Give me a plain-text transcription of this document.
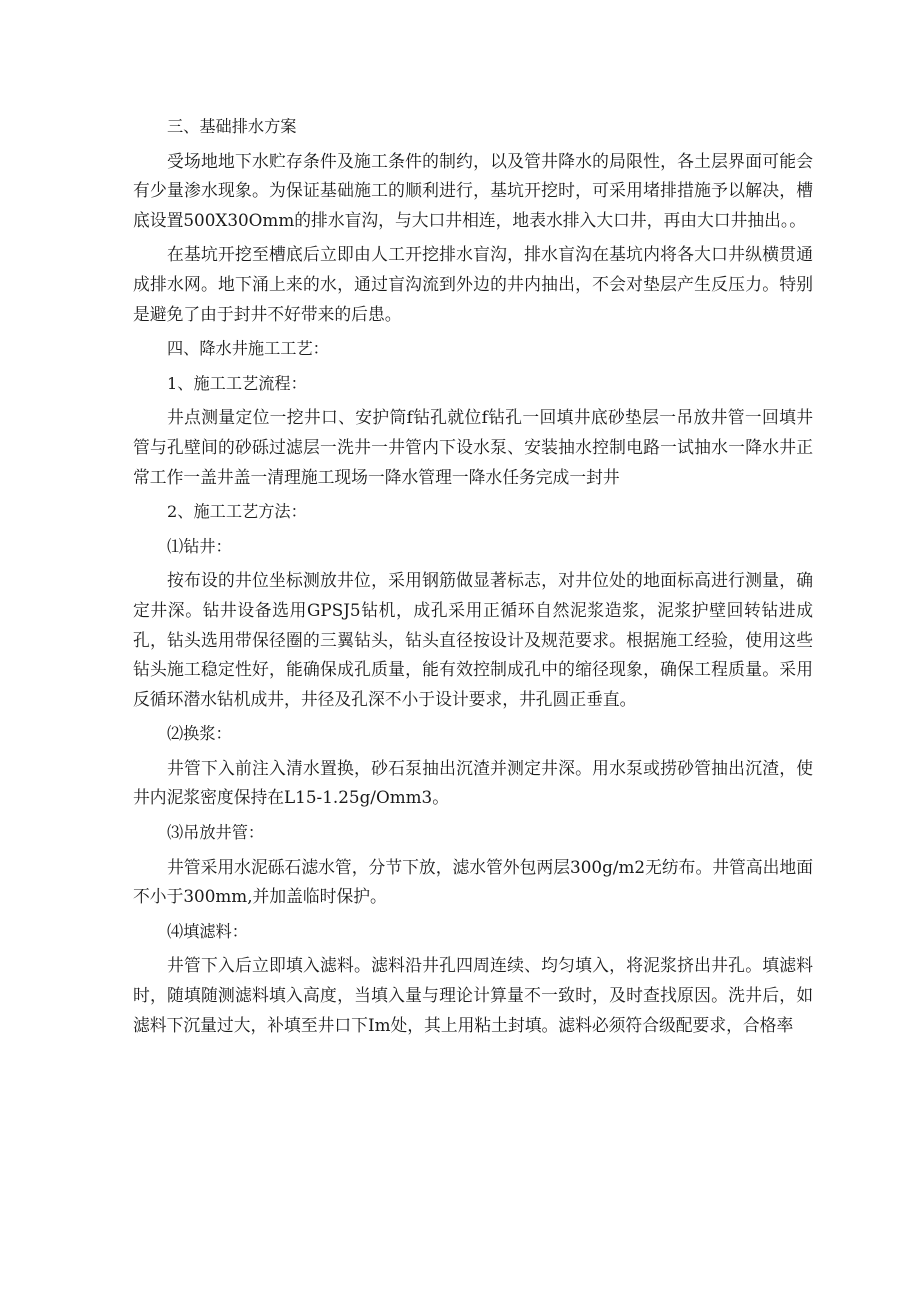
三、基础排水方案

受场地地下水贮存条件及施工条件的制约，以及管井降水的局限性，各土层界面可能会有少量渗水现象。为保证基础施工的顺利进行，基坑开挖时，可采用堵排措施予以解决，槽底设置500X30Omm的排水盲沟，与大口井相连，地表水排入大口井，再由大口井抽出。。

在基坑开挖至槽底后立即由人工开挖排水盲沟，排水盲沟在基坑内将各大口井纵横贯通成排水网。地下涌上来的水，通过盲沟流到外边的井内抽出，不会对垫层产生反压力。特别是避免了由于封井不好带来的后患。

四、降水井施工工艺：

1、施工工艺流程：

井点测量定位一挖井口、安护筒f钻孔就位f钻孔一回填井底砂垫层一吊放井管一回填井管与孔壁间的砂砾过滤层一洗井一井管内下设水泵、安装抽水控制电路一试抽水一降水井正常工作一盖井盖一清理施工现场一降水管理一降水任务完成一封井

2、施工工艺方法：

⑴钻井：

按布设的井位坐标测放井位，采用钢筋做显著标志，对井位处的地面标高进行测量，确定井深。钻井设备选用GPSJ5钻机，成孔采用正循环自然泥浆造浆，泥浆护壁回转钻进成孔，钻头选用带保径圈的三翼钻头，钻头直径按设计及规范要求。根据施工经验，使用这些钻头施工稳定性好，能确保成孔质量，能有效控制成孔中的缩径现象，确保工程质量。采用反循环潜水钻机成井，井径及孔深不小于设计要求，井孔圆正垂直。

⑵换浆：

井管下入前注入清水置换，砂石泵抽出沉渣并测定井深。用水泵或捞砂管抽出沉渣，使井内泥浆密度保持在L15-1.25g/Omm3。

⑶吊放井管：

井管采用水泥砾石滤水管，分节下放，滤水管外包两层300g∕m2无纺布。井管高出地面不小于300mm,并加盖临时保护。

⑷填滤料：

井管下入后立即填入滤料。滤料沿井孔四周连续、均匀填入，将泥浆挤出井孔。填滤料时，随填随测滤料填入高度，当填入量与理论计算量不一致时，及时查找原因。洗井后，如滤料下沉量过大，补填至井口下Im处，其上用粘土封填。滤料必须符合级配要求，合格率
